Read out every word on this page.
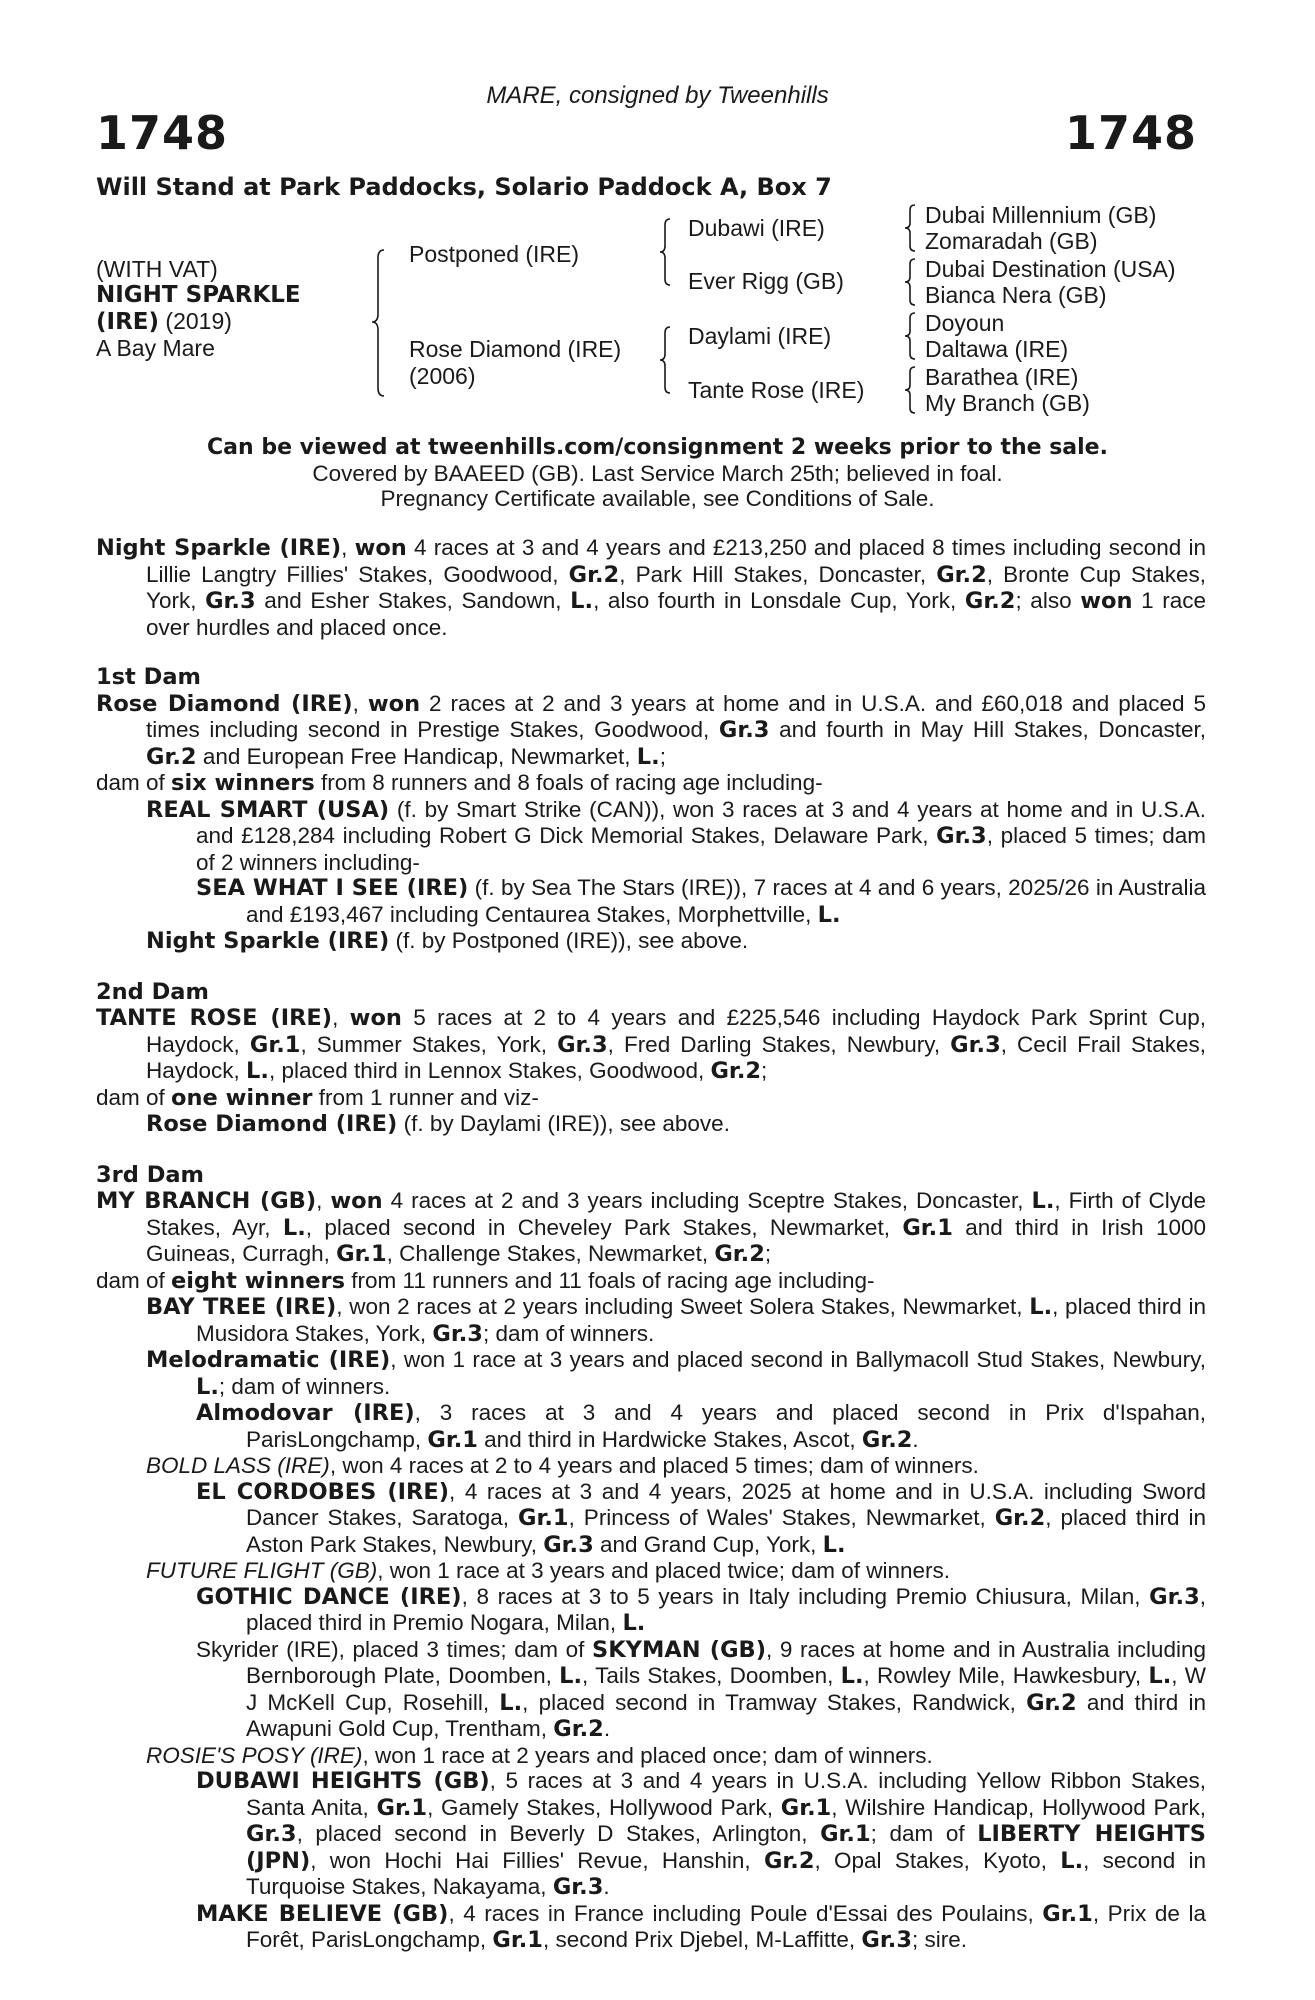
MARE, consigned by Tweenhills
1748	1748
Will Stand at Park Paddocks, Solario Paddock A, Box 7
(WITH VAT)
NIGHT SPARKLE
(IRE) (2019)
A Bay Mare
Postponed (IRE)
Rose Diamond (IRE)
(2006)
Dubawi (IRE)
Ever Rigg (GB)
Daylami (IRE)
Tante Rose (IRE)
Dubai Millennium (GB)
Zomaradah (GB)
Dubai Destination (USA)
Bianca Nera (GB)
Doyoun
Daltawa (IRE)
Barathea (IRE)
My Branch (GB)
Can be viewed at tweenhills.com/consignment 2 weeks prior to the sale.
Covered by BAAEED (GB). Last Service March 25th; believed in foal.
Pregnancy Certificate available, see Conditions of Sale.

Night Sparkle (IRE), won 4 races at 3 and 4 years and £213,250 and placed 8 times including second in Lillie Langtry Fillies' Stakes, Goodwood, Gr.2, Park Hill Stakes, Doncaster, Gr.2, Bronte Cup Stakes, York, Gr.3 and Esher Stakes, Sandown, L., also fourth in Lonsdale Cup, York, Gr.2; also won 1 race over hurdles and placed once.

1st Dam

Rose Diamond (IRE), won 2 races at 2 and 3 years at home and in U.S.A. and £60,018 and placed 5 times including second in Prestige Stakes, Goodwood, Gr.3 and fourth in May Hill Stakes, Doncaster, Gr.2 and European Free Handicap, Newmarket, L.;

dam of six winners from 8 runners and 8 foals of racing age including-

REAL SMART (USA) (f. by Smart Strike (CAN)), won 3 races at 3 and 4 years at home and in U.S.A. and £128,284 including Robert G Dick Memorial Stakes, Delaware Park, Gr.3, placed 5 times; dam of 2 winners including-

SEA WHAT I SEE (IRE) (f. by Sea The Stars (IRE)), 7 races at 4 and 6 years, 2025/26 in Australia and £193,467 including Centaurea Stakes, Morphettville, L.

Night Sparkle (IRE) (f. by Postponed (IRE)), see above.

2nd Dam

TANTE ROSE (IRE), won 5 races at 2 to 4 years and £225,546 including Haydock Park Sprint Cup, Haydock, Gr.1, Summer Stakes, York, Gr.3, Fred Darling Stakes, Newbury, Gr.3, Cecil Frail Stakes, Haydock, L., placed third in Lennox Stakes, Goodwood, Gr.2;

dam of one winner from 1 runner and viz-

Rose Diamond (IRE) (f. by Daylami (IRE)), see above.

3rd Dam

MY BRANCH (GB), won 4 races at 2 and 3 years including Sceptre Stakes, Doncaster, L., Firth of Clyde Stakes, Ayr, L., placed second in Cheveley Park Stakes, Newmarket, Gr.1 and third in Irish 1000 Guineas, Curragh, Gr.1, Challenge Stakes, Newmarket, Gr.2;

dam of eight winners from 11 runners and 11 foals of racing age including-

BAY TREE (IRE), won 2 races at 2 years including Sweet Solera Stakes, Newmarket, L., placed third in Musidora Stakes, York, Gr.3; dam of winners.

Melodramatic (IRE), won 1 race at 3 years and placed second in Ballymacoll Stud Stakes, Newbury, L.; dam of winners.

Almodovar (IRE), 3 races at 3 and 4 years and placed second in Prix d'Ispahan, ParisLongchamp, Gr.1 and third in Hardwicke Stakes, Ascot, Gr.2.

BOLD LASS (IRE), won 4 races at 2 to 4 years and placed 5 times; dam of winners.

EL CORDOBES (IRE), 4 races at 3 and 4 years, 2025 at home and in U.S.A. including Sword Dancer Stakes, Saratoga, Gr.1, Princess of Wales' Stakes, Newmarket, Gr.2, placed third in Aston Park Stakes, Newbury, Gr.3 and Grand Cup, York, L.

FUTURE FLIGHT (GB), won 1 race at 3 years and placed twice; dam of winners.

GOTHIC DANCE (IRE), 8 races at 3 to 5 years in Italy including Premio Chiusura, Milan, Gr.3, placed third in Premio Nogara, Milan, L.

Skyrider (IRE), placed 3 times; dam of SKYMAN (GB), 9 races at home and in Australia including Bernborough Plate, Doomben, L., Tails Stakes, Doomben, L., Rowley Mile, Hawkesbury, L., W J McKell Cup, Rosehill, L., placed second in Tramway Stakes, Randwick, Gr.2 and third in Awapuni Gold Cup, Trentham, Gr.2.

ROSIE'S POSY (IRE), won 1 race at 2 years and placed once; dam of winners.

DUBAWI HEIGHTS (GB), 5 races at 3 and 4 years in U.S.A. including Yellow Ribbon Stakes, Santa Anita, Gr.1, Gamely Stakes, Hollywood Park, Gr.1, Wilshire Handicap, Hollywood Park, Gr.3, placed second in Beverly D Stakes, Arlington, Gr.1; dam of LIBERTY HEIGHTS (JPN), won Hochi Hai Fillies' Revue, Hanshin, Gr.2, Opal Stakes, Kyoto, L., second in Turquoise Stakes, Nakayama, Gr.3.

MAKE BELIEVE (GB), 4 races in France including Poule d'Essai des Poulains, Gr.1, Prix de la Forêt, ParisLongchamp, Gr.1, second Prix Djebel, M-Laffitte, Gr.3; sire.
